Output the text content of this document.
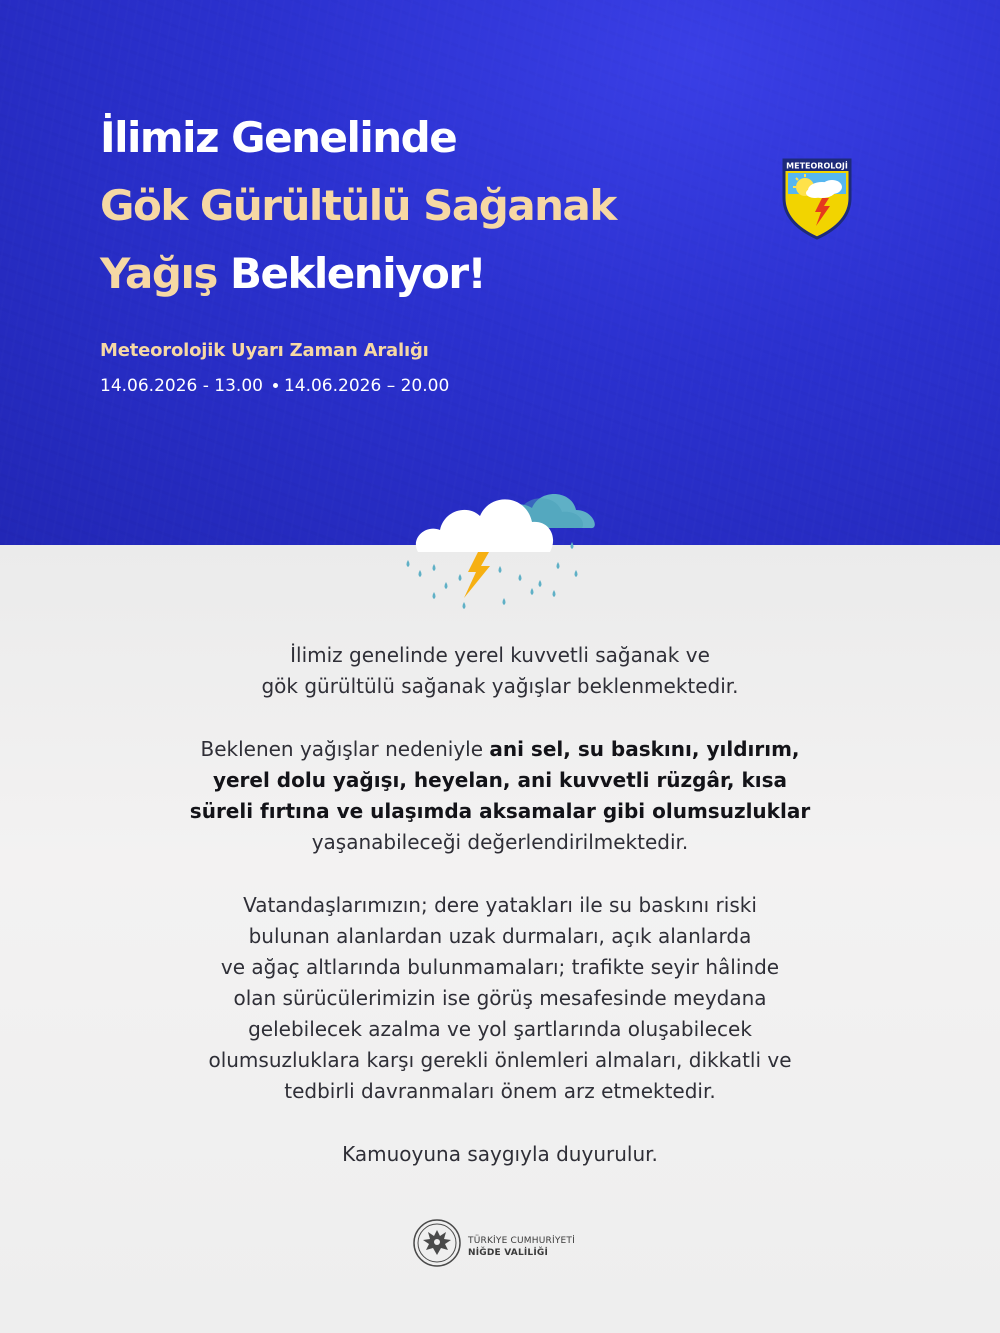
İlimiz Genelinde
Gök Gürültülü Sağanak
Yağış Bekleniyor!
METEOROLOJİ
Meteorolojik Uyarı Zaman Aralığı
14.06.2026 - 13.00 14.06.2026 – 20.00

İlimiz genelinde yerel kuvvetli sağanak ve
gök gürültülü sağanak yağışlar beklenmektedir.

Beklenen yağışlar nedeniyle ani sel, su baskını, yıldırım,
yerel dolu yağışı, heyelan, ani kuvvetli rüzgâr, kısa
süreli fırtına ve ulaşımda aksamalar gibi olumsuzluklar
yaşanabileceği değerlendirilmektedir.

Vatandaşlarımızın; dere yatakları ile su baskını riski
bulunan alanlardan uzak durmaları, açık alanlarda
ve ağaç altlarında bulunmamaları; trafikte seyir hâlinde
olan sürücülerimizin ise görüş mesafesinde meydana
gelebilecek azalma ve yol şartlarında oluşabilecek
olumsuzluklara karşı gerekli önlemleri almaları, dikkatli ve
tedbirli davranmaları önem arz etmektedir.

Kamuoyuna saygıyla duyurulur.

TÜRKİYE CUMHURİYETİ
NİĞDE VALİLİĞİ
